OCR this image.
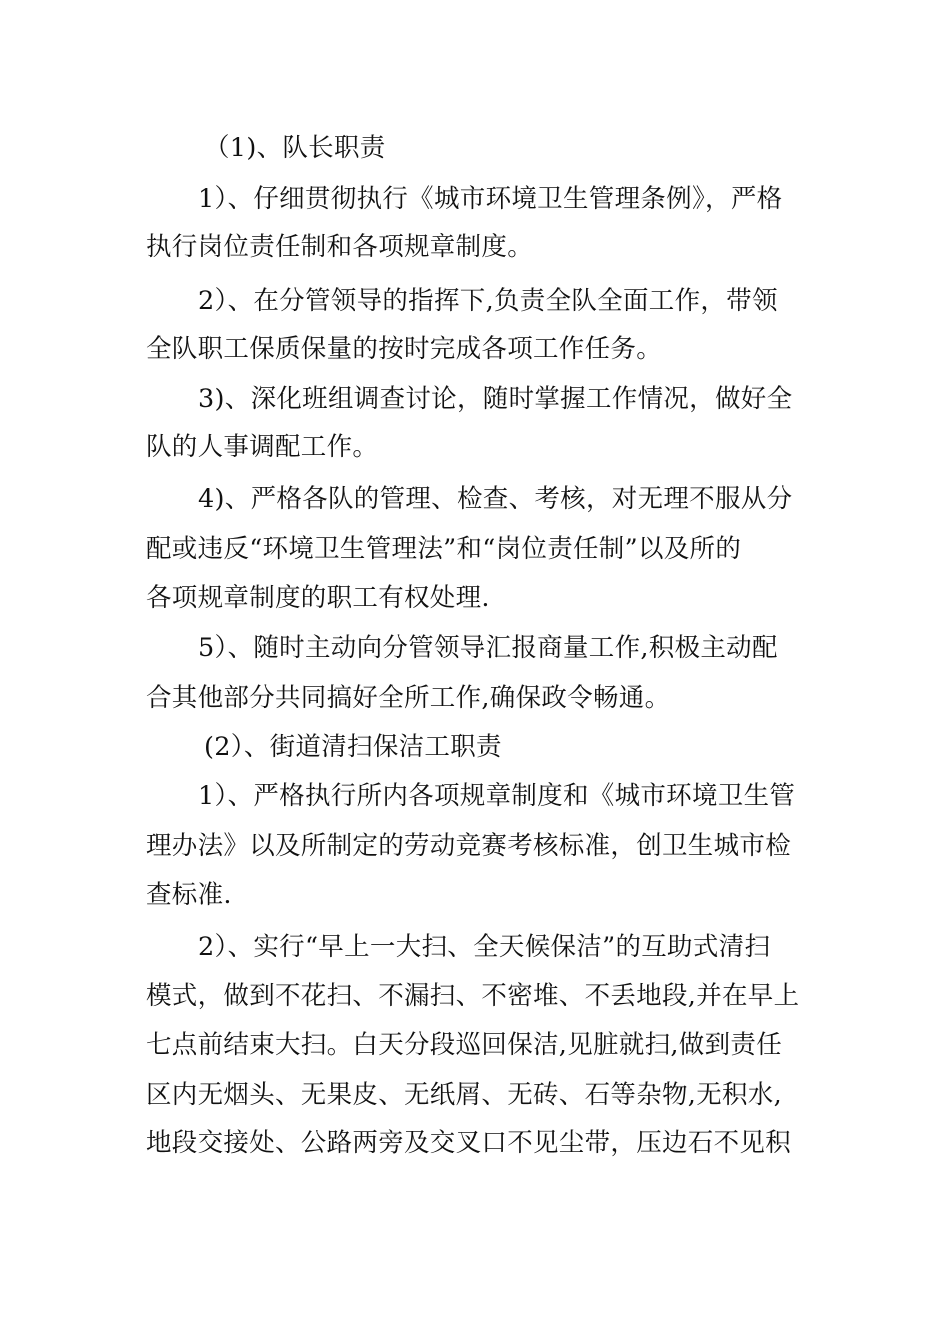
（1)、队长职责
1）、仔细贯彻执行《城市环境卫生管理条例》，严格
执行岗位责任制和各项规章制度。
2）、在分管领导的指挥下,负责全队全面工作，带领
全队职工保质保量的按时完成各项工作任务。
3)、深化班组调查讨论，随时掌握工作情况，做好全
队的人事调配工作。
4)、严格各队的管理、检查、考核，对无理不服从分
配或违反“环境卫生管理法”和“岗位责任制”以及所的
各项规章制度的职工有权处理.
5）、随时主动向分管领导汇报商量工作,积极主动配
合其他部分共同搞好全所工作,确保政令畅通。
(2）、街道清扫保洁工职责
1）、严格执行所内各项规章制度和《城市环境卫生管
理办法》以及所制定的劳动竞赛考核标准，创卫生城市检
查标准.
2）、实行“早上一大扫、全天候保洁”的互助式清扫
模式，做到不花扫、不漏扫、不密堆、不丢地段,并在早上
七点前结束大扫。白天分段巡回保洁,见脏就扫,做到责任
区内无烟头、无果皮、无纸屑、无砖、石等杂物,无积水,
地段交接处、公路两旁及交叉口不见尘带，压边石不见积
